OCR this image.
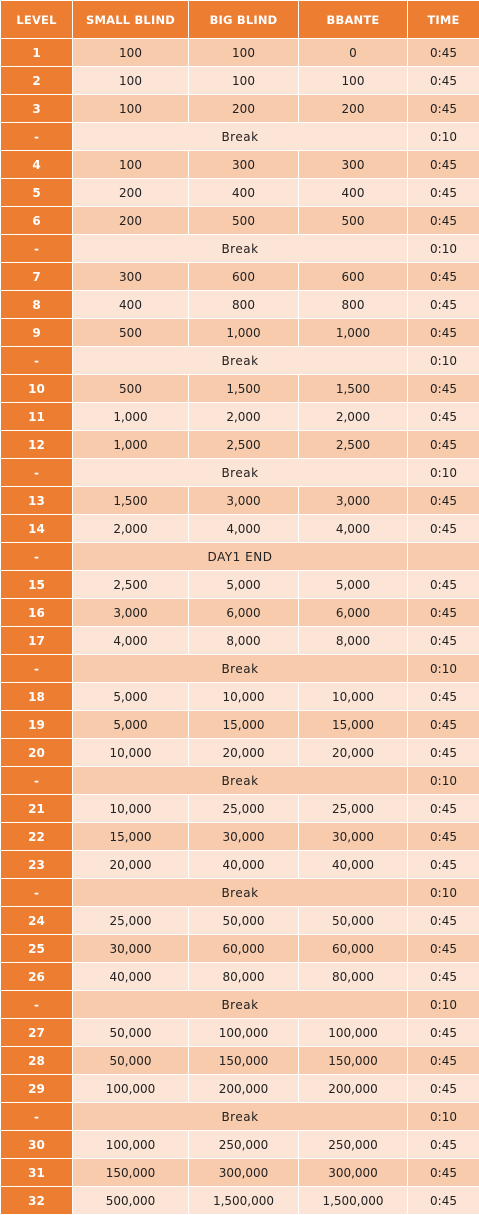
LEVEL	SMALL BLIND	BIG BLIND	BBANTE	TIME
1	100	100	0	0:45
2	100	100	100	0:45
3	100	200	200	0:45
-	Break			0:10
4	100	300	300	0:45
5	200	400	400	0:45
6	200	500	500	0:45
-	Break			0:10
7	300	600	600	0:45
8	400	800	800	0:45
9	500	1,000	1,000	0:45
-	Break			0:10
10	500	1,500	1,500	0:45
11	1,000	2,000	2,000	0:45
12	1,000	2,500	2,500	0:45
-	Break			0:10
13	1,500	3,000	3,000	0:45
14	2,000	4,000	4,000	0:45
-	DAY1 END			
15	2,500	5,000	5,000	0:45
16	3,000	6,000	6,000	0:45
17	4,000	8,000	8,000	0:45
-	Break			0:10
18	5,000	10,000	10,000	0:45
19	5,000	15,000	15,000	0:45
20	10,000	20,000	20,000	0:45
-	Break			0:10
21	10,000	25,000	25,000	0:45
22	15,000	30,000	30,000	0:45
23	20,000	40,000	40,000	0:45
-	Break			0:10
24	25,000	50,000	50,000	0:45
25	30,000	60,000	60,000	0:45
26	40,000	80,000	80,000	0:45
-	Break			0:10
27	50,000	100,000	100,000	0:45
28	50,000	150,000	150,000	0:45
29	100,000	200,000	200,000	0:45
-	Break			0:10
30	100,000	250,000	250,000	0:45
31	150,000	300,000	300,000	0:45
32	500,000	1,500,000	1,500,000	0:45
